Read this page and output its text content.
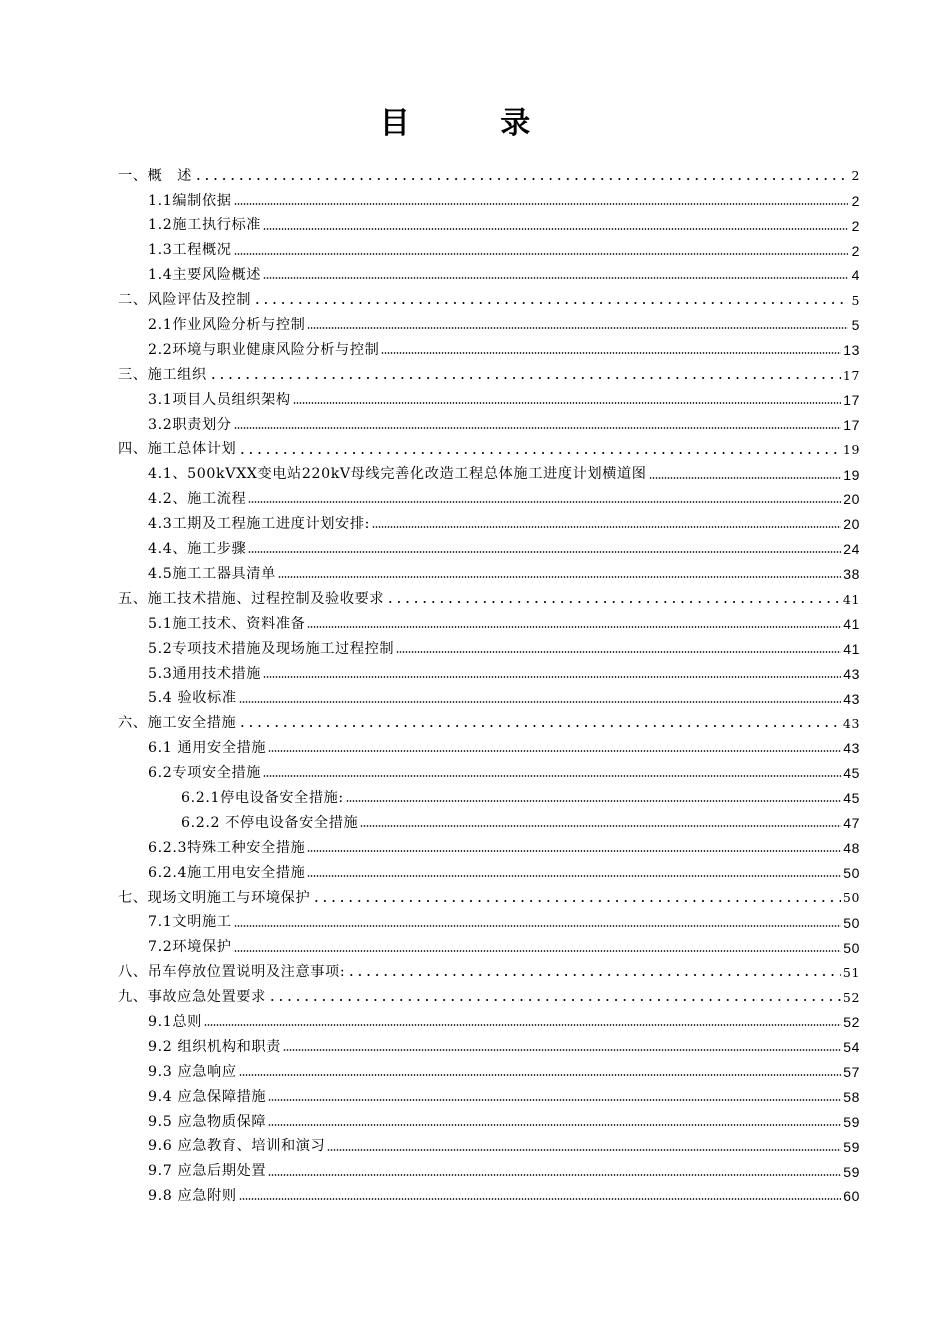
目 录
一、概　述	2
1.1编制依据	2
1.2施工执行标准	2
1.3工程概况	2
1.4主要风险概述	4
二、风险评估及控制	5
2.1作业风险分析与控制	5
2.2环境与职业健康风险分析与控制	13
三、施工组织	17
3.1项目人员组织架构	17
3.2职责划分	17
四、施工总体计划	19
4.1、500kVXX变电站220kV母线完善化改造工程总体施工进度计划横道图	19
4.2、施工流程	20
4.3工期及工程施工进度计划安排:	20
4.4、施工步骤	24
4.5施工工器具清单	38
五、施工技术措施、过程控制及验收要求	41
5.1施工技术、资料准备	41
5.2专项技术措施及现场施工过程控制	41
5.3通用技术措施	43
5.4 验收标准	43
六、施工安全措施	43
6.1 通用安全措施	43
6.2专项安全措施	45
6.2.1停电设备安全措施:	45
6.2.2 不停电设备安全措施	47
6.2.3特殊工种安全措施	48
6.2.4施工用电安全措施	50
七、现场文明施工与环境保护	50
7.1文明施工	50
7.2环境保护	50
八、吊车停放位置说明及注意事项:	51
九、事故应急处置要求	52
9.1总则	52
9.2 组织机构和职责	54
9.3 应急响应	57
9.4 应急保障措施	58
9.5 应急物质保障	59
9.6 应急教育、培训和演习	59
9.7 应急后期处置	59
9.8 应急附则	60
